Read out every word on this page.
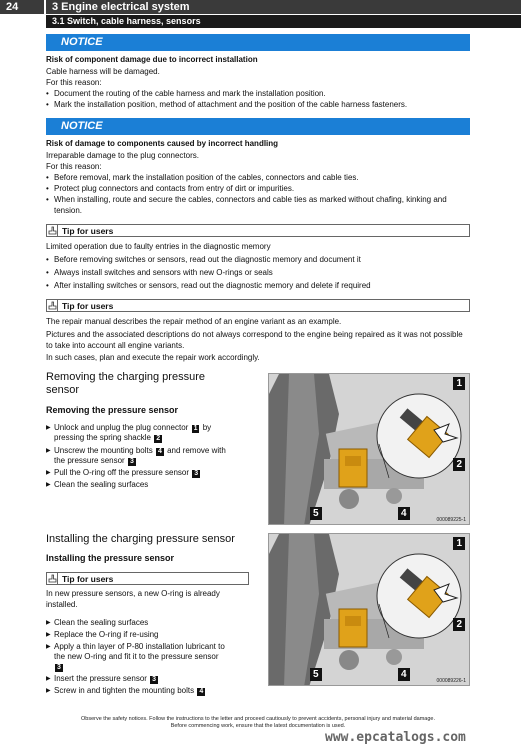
24	3 Engine electrical system
3.1 Switch, cable harness, sensors
NOTICE
Risk of component damage due to incorrect installation
Cable harness will be damaged.
For this reason:
• Document the routing of the cable harness and mark the installation position.
• Mark the installation position, method of attachment and the position of the cable harness fasteners.
NOTICE
Risk of damage to components caused by incorrect handling
Irreparable damage to the plug connectors.
For this reason:
• Before removal, mark the installation position of the cables, connectors and cable ties.
• Protect plug connectors and contacts from entry of dirt or impurities.
• When installing, route and secure the cables, connectors and cable ties as marked without chafing, kinking and tension.
Tip for users
Limited operation due to faulty entries in the diagnostic memory
• Before removing switches or sensors, read out the diagnostic memory and document it
• Always install switches and sensors with new O-rings or seals
• After installing switches or sensors, read out the diagnostic memory and delete if required
Tip for users
The repair manual describes the repair method of an engine variant as an example.
Pictures and the associated descriptions do not always correspond to the engine being repaired as it was not possible to take into account all engine variants.
In such cases, plan and execute the repair work accordingly.
Removing the charging pressure
sensor
Removing the pressure sensor
▶ Unlock and unplug the plug connector 1 by
pressing the spring shackle 2
▶ Unscrew the mounting bolts 4 and remove with
the pressure sensor 3
▶ Pull the O-ring off the pressure sensor 3
▶ Clean the sealing surfaces
1
2
4
5
000089225-1
Installing the charging pressure sensor
Installing the pressure sensor
Tip for users
In new pressure sensors, a new O-ring is already
installed.
▶ Clean the sealing surfaces
▶ Replace the O-ring if re-using
▶ Apply a thin layer of P-80 installation lubricant to
the new O-ring and fit it to the pressure sensor
3
▶ Insert the pressure sensor 3
▶ Screw in and tighten the mounting bolts 4
1
2
4
5
000089226-1
Observe the safety notices. Follow the instructions to the letter and proceed cautiously to prevent accidents, personal injury and material damage.
Before commencing work, ensure that the latest documentation is used.
www.epcatalogs.com
